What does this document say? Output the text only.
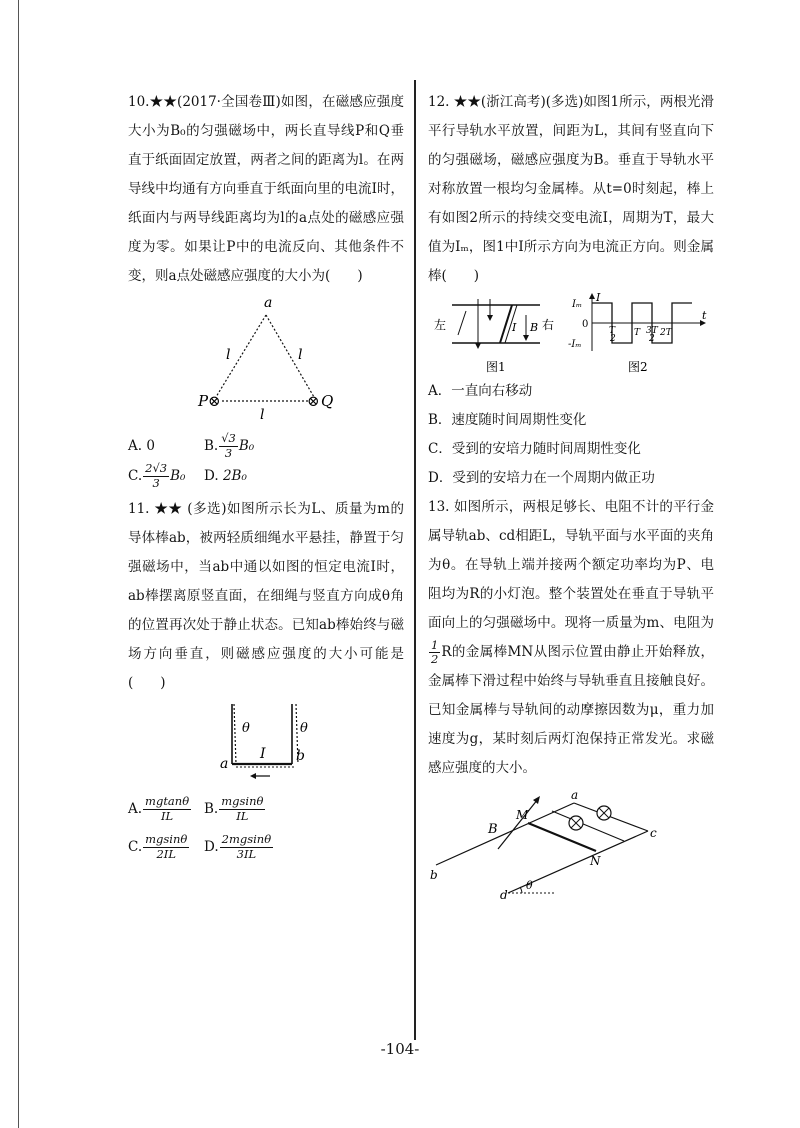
10.★★(2017·全国卷Ⅲ)如图，在磁感应强度大小为B₀的匀强磁场中，两长直导线P和Q垂直于纸面固定放置，两者之间的距离为l。在两导线中均通有方向垂直于纸面向里的电流I时，纸面内与两导线距离均为l的a点处的磁感应强度为零。如果让P中的电流反向、其他条件不变，则a点处磁感应强度的大小为(　　)

a
l	l
l
P ⊗	⊗ Q
A.
0	B. $\frac{√3}{3} B_0$
C. $\frac{2√3}{3} B_0$ D.
2B₀

11. ★★ (多选)如图所示长为L、质量为m的导体棒ab，被两轻质细绳水平悬挂，静置于匀强磁场中，当ab中通以如图的恒定电流I时，ab棒摆离原竖直面，在细绳与竖直方向成θ角的位置再次处于静止状态。已知ab棒始终与磁场方向垂直，则磁感应强度的大小可能是(　　)

θ	θ
I
a	b
A. $\frac{mgtan\theta}{IL} B$. $\frac{mgsin\theta}{IL}$
C. $\frac{mgsin\theta}{2IL} D$. $\frac{2mgsin\theta}{3IL}$

12. ★★(浙江高考)(多选)如图1所示，两根光滑平行导轨水平放置，间距为L，其间有竖直向下的匀强磁场，磁感应强度为B。垂直于导轨水平对称放置一根均匀金属棒。从t=0时刻起，棒上有如图2所示的持续交变电流I，周期为T，最大值为Iₘ，图1中I所示方向为电流正方向。则金属棒(　　)

左	右
I B
图1
I
t
Iₘ
0
-Iₘ
T
2
T 3T
2
2T
图2
A．一直向右移动
B．速度随时间周期性变化
C．受到的安培力随时间周期性变化
D．受到的安培力在一个周期内做正功

13. 如图所示，两根足够长、电阻不计的平行金属导轨ab、cd相距L，导轨平面与水平面的夹角为θ。在导轨上端并接两个额定功率均为P、电阻均为R的小灯泡。整个装置处在垂直于导轨平面向上的匀强磁场中。现将一质量为m、电阻为
$\frac{1}{2}$ R的金属棒MN从图示位置由静止开始释放，金属棒下滑过程中始终与导轨垂直且接触良好。已知金属棒与导轨间的动摩擦因数为μ，重力加速度为g，某时刻后两灯泡保持正常发光。求磁感应强度的大小。

B
M
N
a
b
c
d
θ
-104-
